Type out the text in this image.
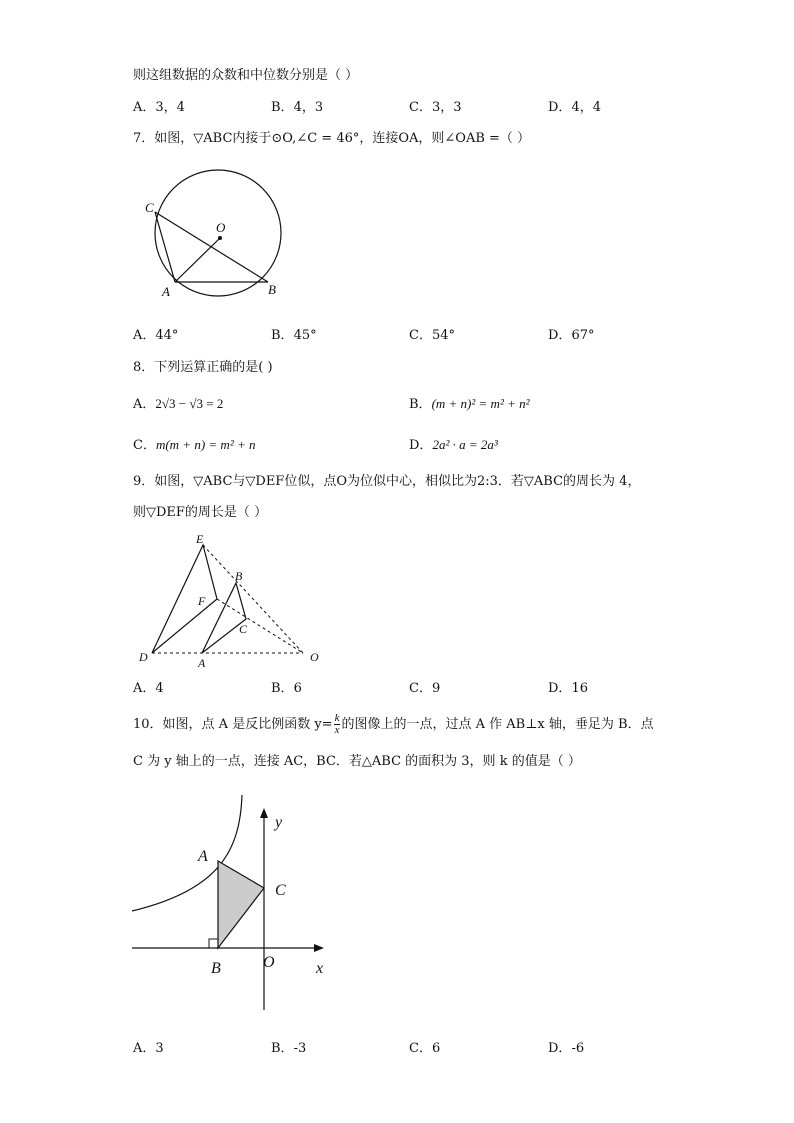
则这组数据的众数和中位数分别是（ ）
A．3，4	B．4，3	C．3，3	D．4，4
7．如图，▽ABC内接于⊙O,∠C = 46°，连接OA，则∠OAB =（ ）
C
O
A	B
A．44°	B．45°	C．54°	D．67°
8．下列运算正确的是( )
A．2√3 − √3 = 2	B．(m + n)² = m² + n²
C．m(m + n) = m² + n	D．2a² · a = 2a³
9．如图，▽ABC与▽DEF位似，点O为位似中心，相似比为2:3．若▽ABC的周长为 4，
则▽DEF的周长是（ ）
E
B
F
C
D	A	O
A．4	B．6	C．9	D．16
10．如图，点 A 是反比例函数 $y= \frac{k}{x}$ 的图像上的一点，过点 A 作 AB⊥x 轴，垂足为 B．点
C 为 y 轴上的一点，连接 AC，BC．若△ABC 的面积为 3，则 k 的值是（ ）
y
x
A
C
B	O
A．3	B．-3	C．6	D．-6
